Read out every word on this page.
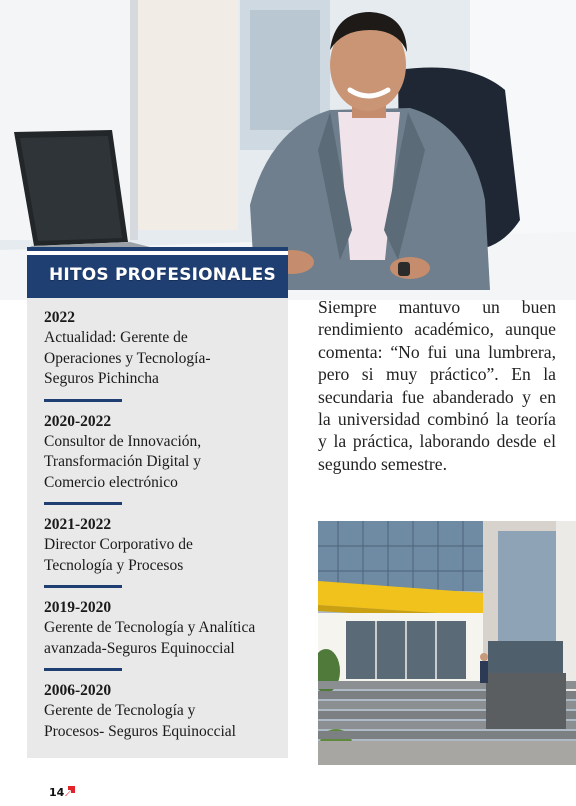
HITOS PROFESIONALES
2022
Actualidad: Gerente de
Operaciones y Tecnología-
Seguros Pichincha
2020-2022
Consultor de Innovación,
Transformación Digital y
Comercio electrónico
2021-2022
Director Corporativo de
Tecnología y Procesos
2019-2020
Gerente de Tecnología y Analítica
avanzada-Seguros Equinoccial
2006-2020
Gerente de Tecnología y
Procesos- Seguros Equinoccial

Siempre mantuvo un buen rendimiento académico, aunque comenta: “No fui una lumbrera, pero si muy práctico”. En la secundaria fue abanderado y en la universidad combinó la teoría y la práctica, laborando desde el segundo semestre.

14
